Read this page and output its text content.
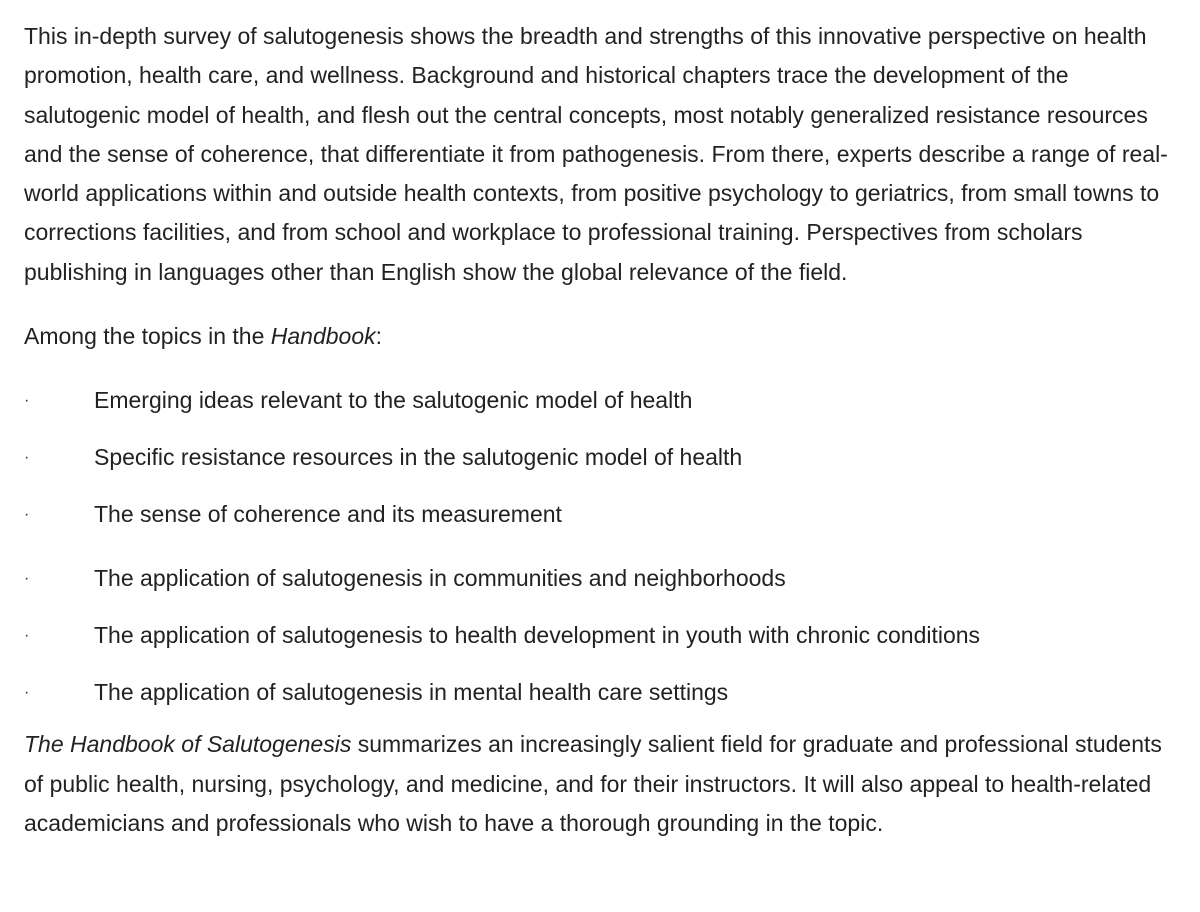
This in-depth survey of salutogenesis shows the breadth and strengths of this innovative perspective on health promotion, health care, and wellness. Background and historical chapters trace the development of the salutogenic model of health, and flesh out the central concepts, most notably generalized resistance resources and the sense of coherence, that differentiate it from pathogenesis. From there, experts describe a range of real-world applications within and outside health contexts, from positive psychology to geriatrics, from small towns to corrections facilities, and from school and workplace to professional training. Perspectives from scholars publishing in languages other than English show the global relevance of the field.

Among the topics in the Handbook:

·	Emerging ideas relevant to the salutogenic model of health
·	Specific resistance resources in the salutogenic model of health
·	The sense of coherence and its measurement
·	The application of salutogenesis in communities and neighborhoods
·	The application of salutogenesis to health development in youth with chronic conditions
·	The application of salutogenesis in mental health care settings

The Handbook of Salutogenesis summarizes an increasingly salient field for graduate and professional students of public health, nursing, psychology, and medicine, and for their instructors. It will also appeal to health-related academicians and professionals who wish to have a thorough grounding in the topic.
